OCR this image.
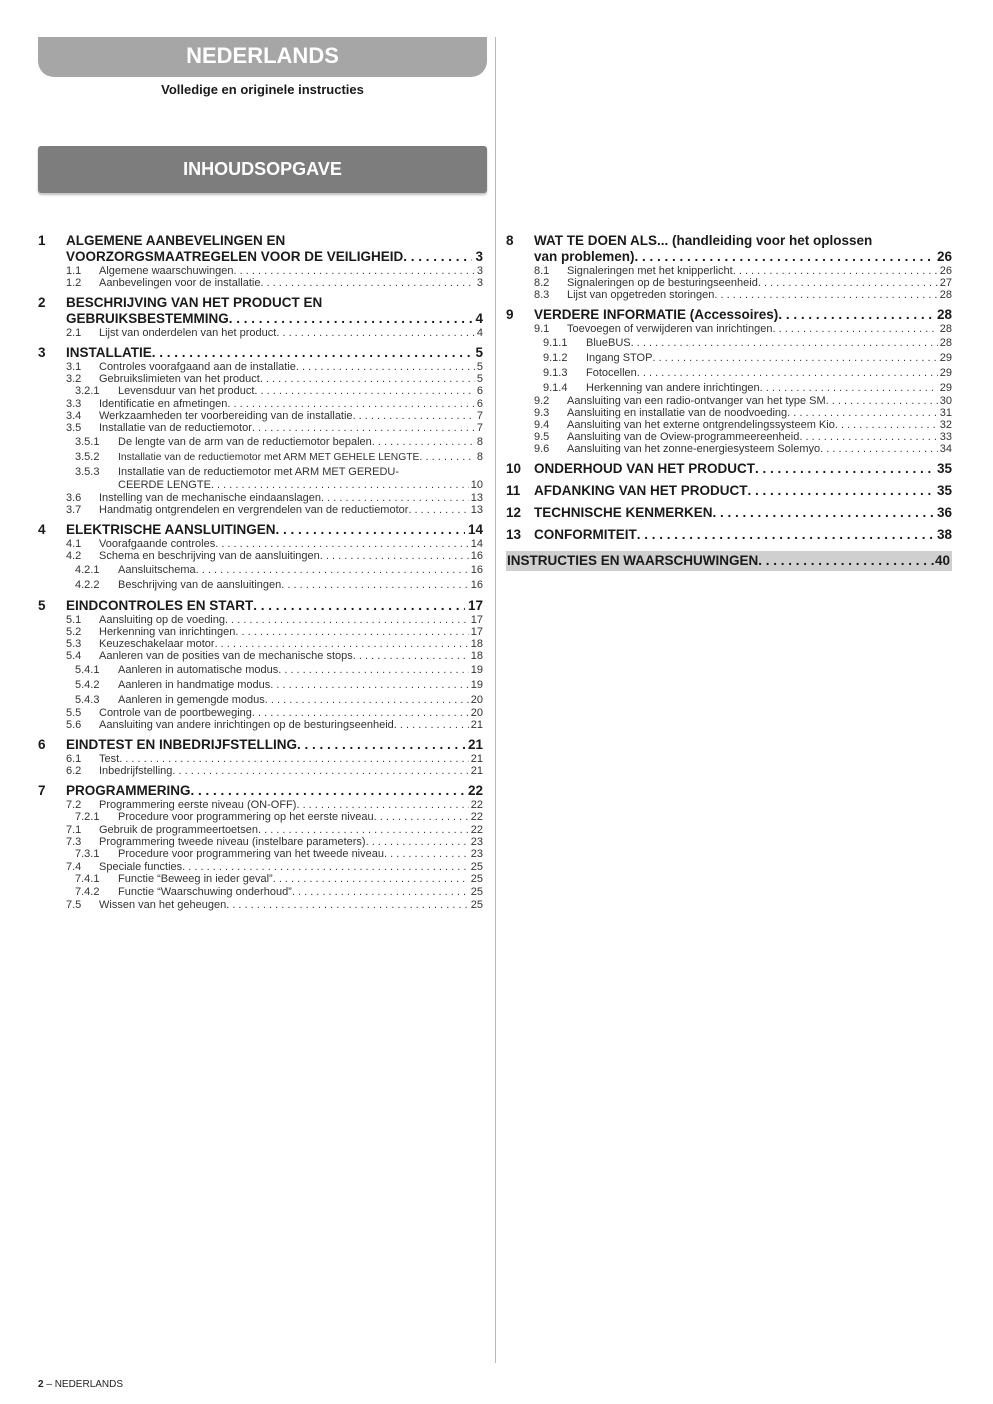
NEDERLANDS
Volledige en originele instructies
INHOUDSOPGAVE
1	ALGEMENE AANBEVELINGEN EN
VOORZORGSMAATREGELEN VOOR DE VEILIGHEID . . .	3
1.1	Algemene waarschuwingen . . .	3
1.2	Aanbevelingen voor de installatie . . .	3
2	BESCHRIJVING VAN HET PRODUCT EN
GEBRUIKSBESTEMMING . . .	4
2.1	Lijst van onderdelen van het product . . .	4
3	INSTALLATIE . . .	5
3.1	Controles voorafgaand aan de installatie . . .	5
3.2	Gebruikslimieten van het product . . .	5
3.2.1	Levensduur van het product . . .	6
3.3	Identificatie en afmetingen . . .	6
3.4	Werkzaamheden ter voorbereiding van de installatie . . .	7
3.5	Installatie van de reductiemotor . . .	7
3.5.1	De lengte van de arm van de reductiemotor bepalen . . .	8
3.5.2	Installatie van de reductiemotor met ARM MET GEHELE LENGTE . . .	8
3.5.3	Installatie van de reductiemotor met ARM MET GEREDU-
CEERDE LENGTE . . .	10
3.6	Instelling van de mechanische eindaanslagen . . .	13
3.7	Handmatig ontgrendelen en vergrendelen van de reductiemotor . . .	13
4	ELEKTRISCHE AANSLUITINGEN . . .	14
4.1	Voorafgaande controles . . .	14
4.2	Schema en beschrijving van de aansluitingen . . .	16
4.2.1	Aansluitschema . . .	16
4.2.2	Beschrijving van de aansluitingen . . .	16
5	EINDCONTROLES EN START . . .	17
5.1	Aansluiting op de voeding . . .	17
5.2	Herkenning van inrichtingen . . .	17
5.3	Keuzeschakelaar motor . . .	18
5.4	Aanleren van de posities van de mechanische stops . . .	18
5.4.1	Aanleren in automatische modus . . .	19
5.4.2	Aanleren in handmatige modus . . .	19
5.4.3	Aanleren in gemengde modus . . .	20
5.5	Controle van de poortbeweging . . .	20
5.6	Aansluiting van andere inrichtingen op de besturingseenheid . . .	21
6	EINDTEST EN INBEDRIJFSTELLING . . .	21
6.1	Test . . .	21
6.2	Inbedrijfstelling . . .	21
7	PROGRAMMERING . . .	22
7.2	Programmering eerste niveau (ON-OFF) . . .	22
7.2.1	Procedure voor programmering op het eerste niveau . . .	22
7.1	Gebruik de programmeertoetsen . . .	22
7.3	Programmering tweede niveau (instelbare parameters) . . .	23
7.3.1	Procedure voor programmering van het tweede niveau . . .	23
7.4	Speciale functies . . .	25
7.4.1	Functie “Beweeg in ieder geval” . . .	25
7.4.2	Functie “Waarschuwing onderhoud” . . .	25
7.5	Wissen van het geheugen . . .	25
8	WAT TE DOEN ALS... (handleiding voor het oplossen
van problemen) . . .	26
8.1	Signaleringen met het knipperlicht . . .	26
8.2	Signaleringen op de besturingseenheid . . .	27
8.3	Lijst van opgetreden storingen . . .	28
9	VERDERE INFORMATIE (Accessoires) . . .	28
9.1	Toevoegen of verwijderen van inrichtingen . . .	28
9.1.1	BlueBUS . . .	28
9.1.2	Ingang STOP . . .	29
9.1.3	Fotocellen . . .	29
9.1.4	Herkenning van andere inrichtingen . . .	29
9.2	Aansluiting van een radio-ontvanger van het type SM . . .	30
9.3	Aansluiting en installatie van de noodvoeding . . .	31
9.4	Aansluiting van het externe ontgrendelingssysteem Kio . . .	32
9.5	Aansluiting van de Oview-programmeereenheid . . .	33
9.6	Aansluiting van het zonne-energiesysteem Solemyo . . .	34
10 ONDERHOUD VAN HET PRODUCT . . .	35
11	AFDANKING VAN HET PRODUCT . . .	35
12 TECHNISCHE KENMERKEN . . .	36
13 CONFORMITEIT . . .	38
INSTRUCTIES EN WAARSCHUWINGEN . . .	40
2 – NEDERLANDS
